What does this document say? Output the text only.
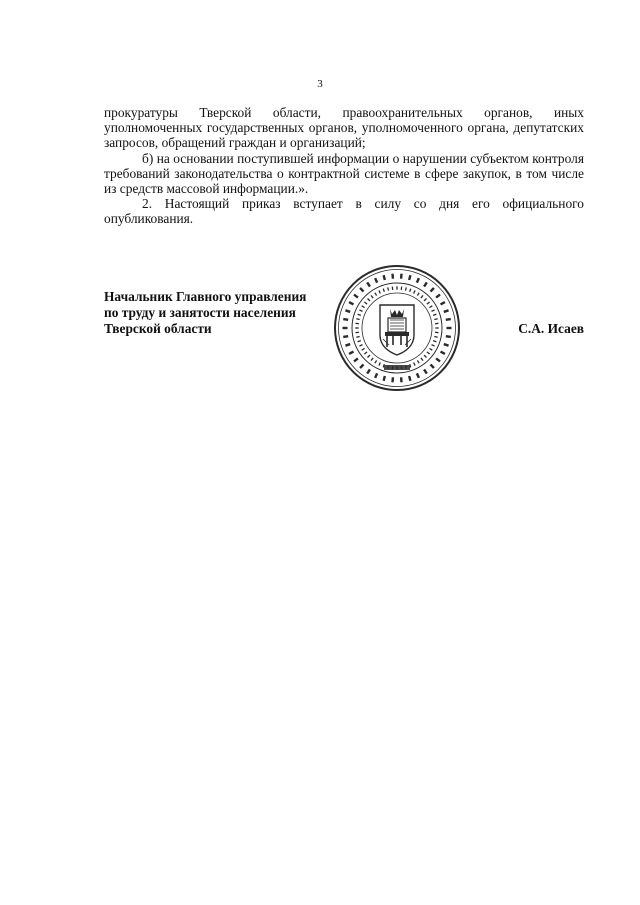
3

прокуратуры Тверской области, правоохранительных органов, иных уполномоченных государственных органов, уполномоченного органа, депутатских запросов, обращений граждан и организаций;

б) на основании поступившей информации о нарушении субъектом контроля требований законодательства о контрактной системе в сфере закупок, в том числе из средств массовой информации.».

2. Настоящий приказ вступает в силу со дня его официального опубликования.

Начальник Главного управления
по труду и занятости населения
Тверской области	С.А. Исаев
